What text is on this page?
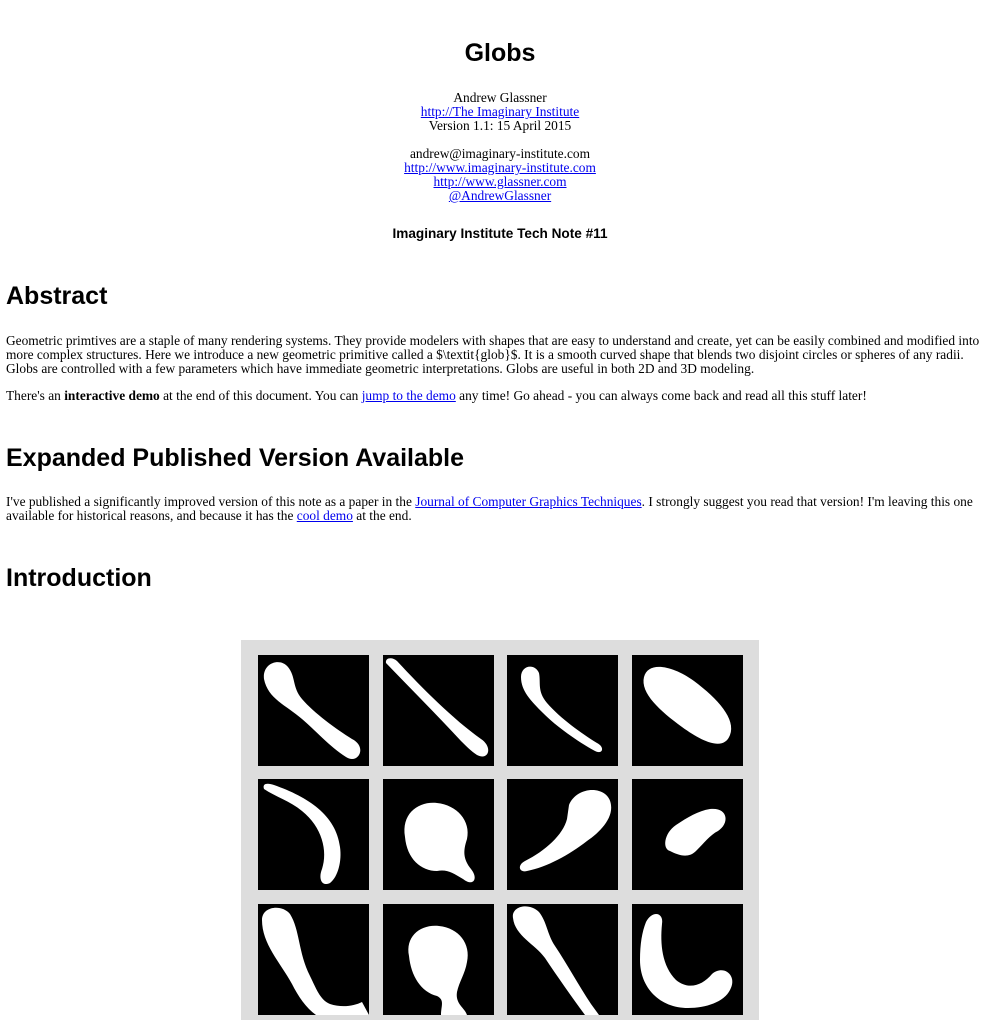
Globs
Andrew Glassner
http://The Imaginary Institute
Version 1.1: 15 April 2015
andrew@imaginary-institute.com
http://www.imaginary-institute.com
http://www.glassner.com
@AndrewGlassner
Imaginary Institute Tech Note #11
Abstract

Geometric primtives are a staple of many rendering systems. They provide modelers with shapes that are easy to understand and create, yet can be easily combined and modified into more complex structures. Here we introduce a new geometric primitive called a $\textit{glob}$. It is a smooth curved shape that blends two disjoint circles or spheres of any radii. Globs are controlled with a few parameters which have immediate geometric interpretations. Globs are useful in both 2D and 3D modeling.

There's an interactive demo at the end of this document. You can jump to the demo any time! Go ahead - you can always come back and read all this stuff later!

Expanded Published Version Available

I've published a significantly improved version of this note as a paper in the Journal of Computer Graphics Techniques. I strongly suggest you read that version! I'm leaving this one available for historical reasons, and because it has the cool demo at the end.

Introduction
